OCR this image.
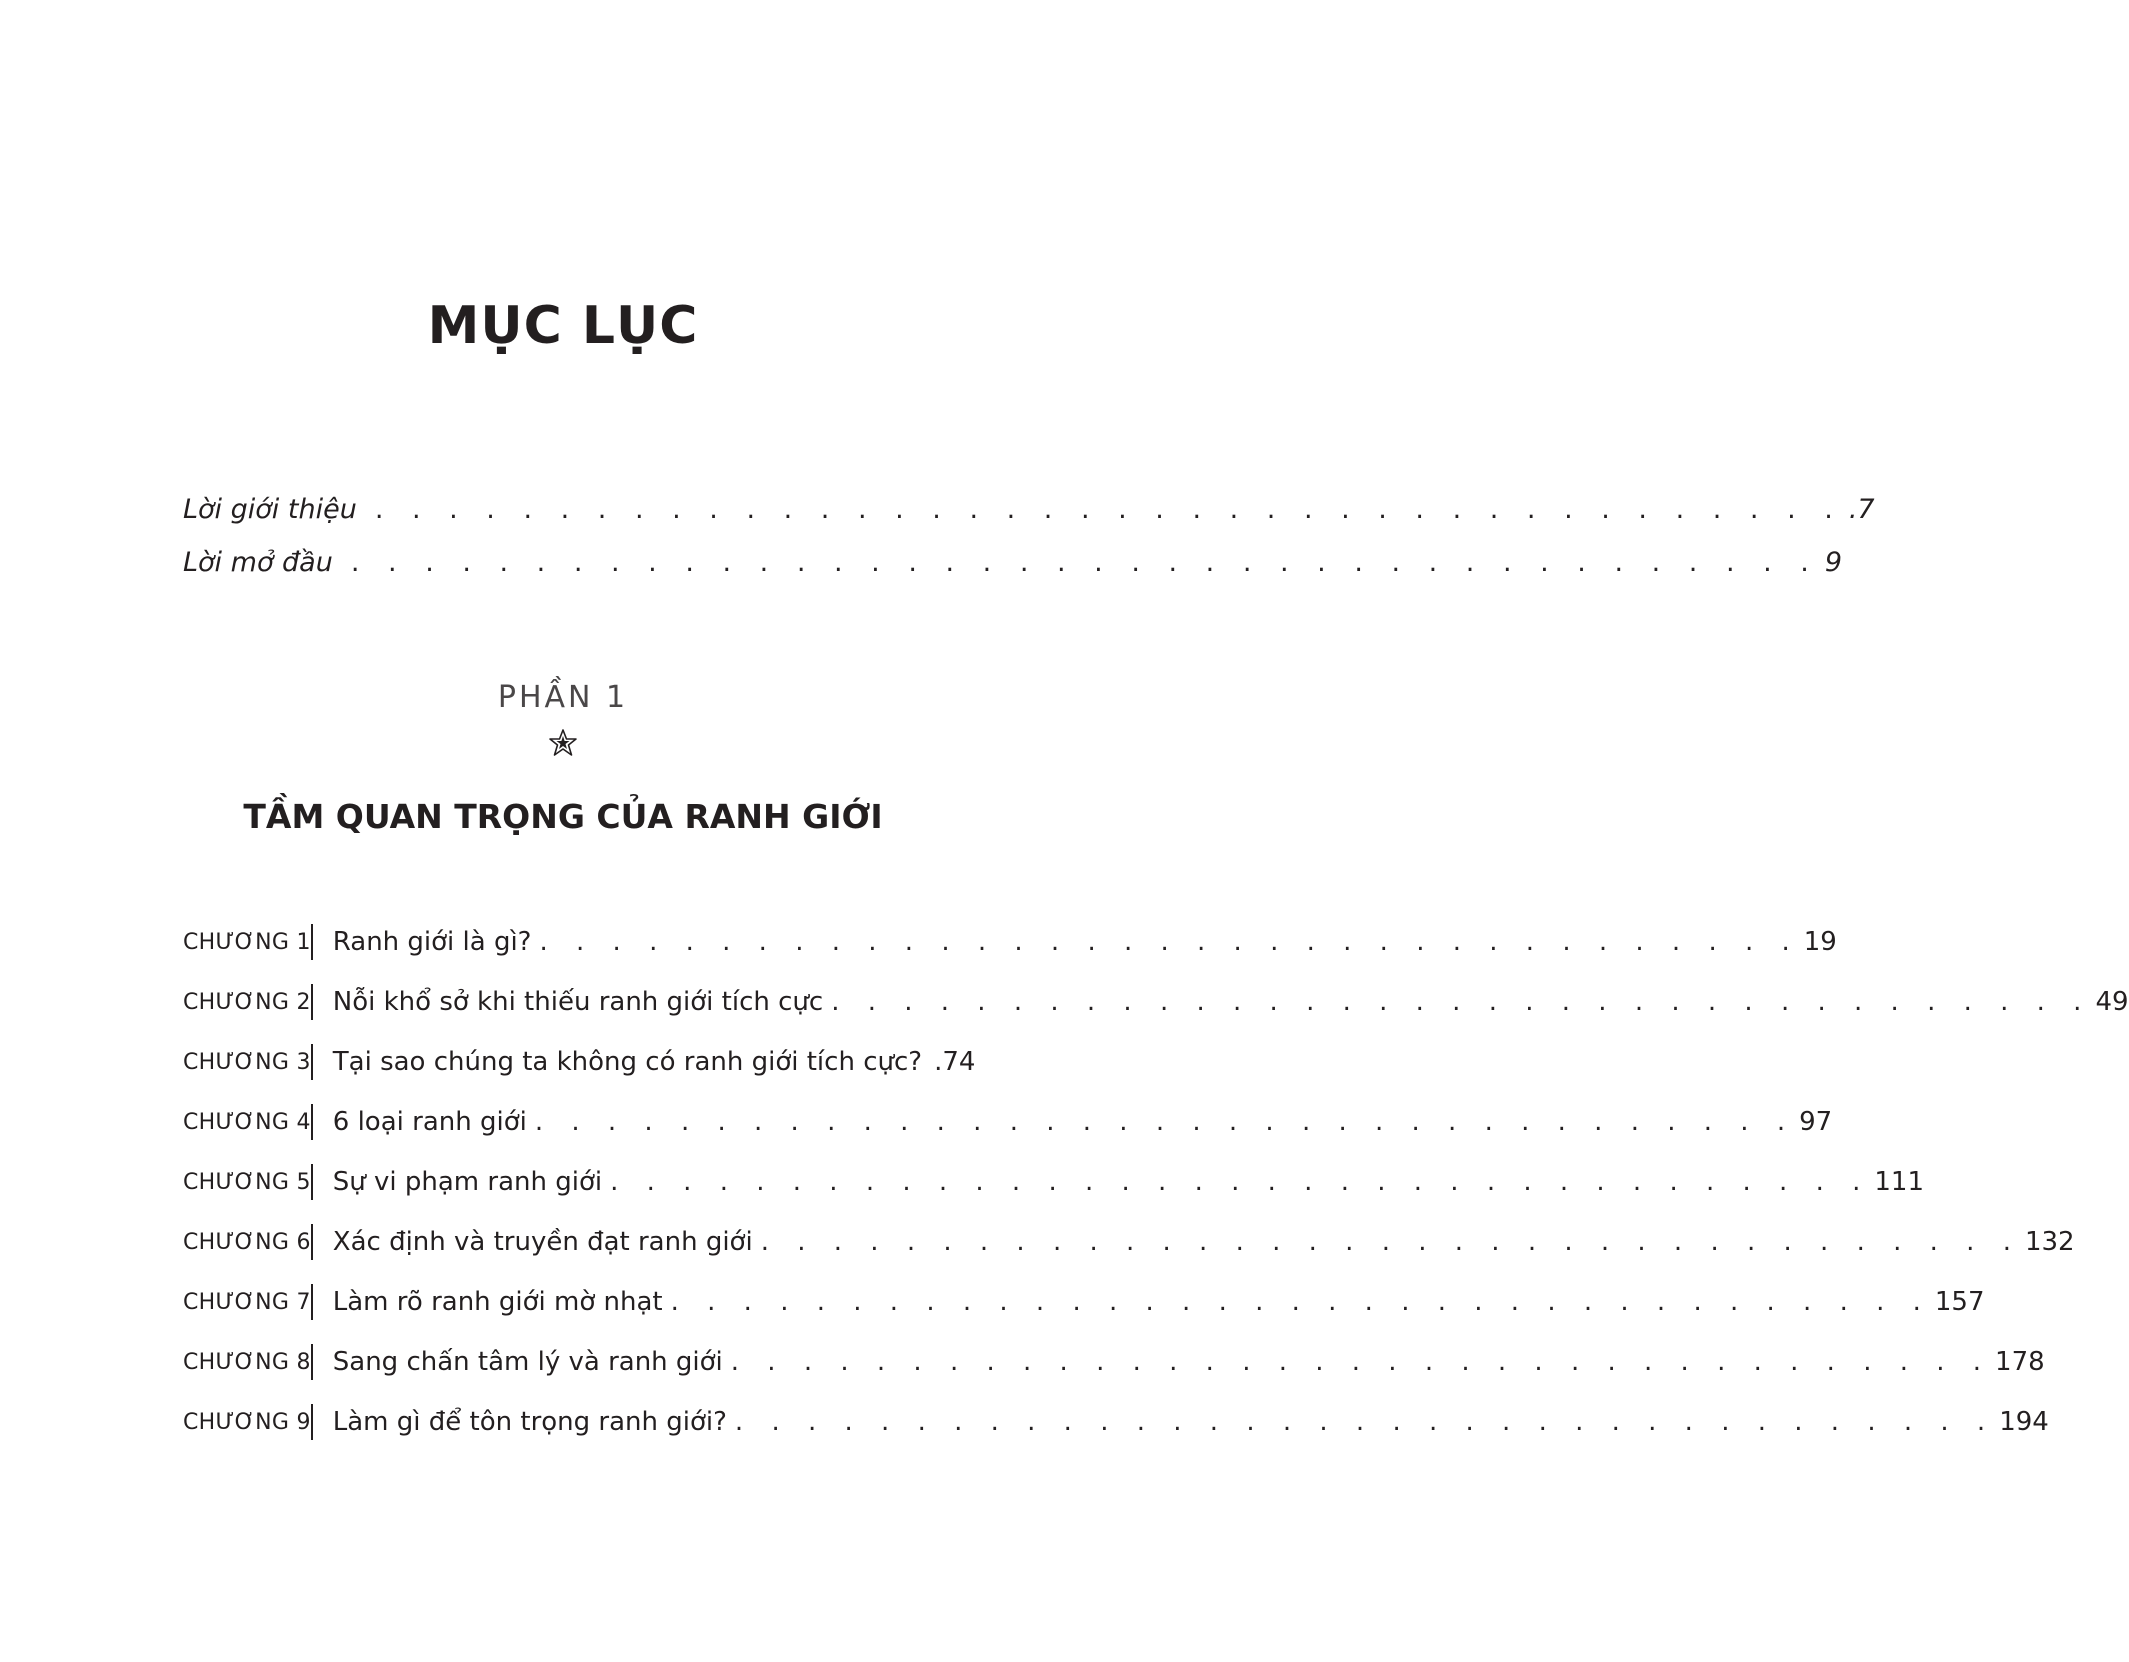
MỤC LỤC
Lời giới thiệu . . . . . . . . . . . . . . . . . . . . . . . . . . . . . . . . . . . . . . . . .7
Lời mở đầu . . . . . . . . . . . . . . . . . . . . . . . . . . . . . . . . . . . . . . . . 9
PHẦN 1
TẦM QUAN TRỌNG CỦA RANH GIỚI
CHƯƠNG 1 Ranh giới là gì? . . . . . . . . . . . . . . . . . . . . . . . . . . . . . . . . . . . 19
CHƯƠNG 2 Nỗi khổ sở khi thiếu ranh giới tích cực . . . . . . . . . . . . . . . . . . . . . . . . . . . . . . . . . . . 49
CHƯƠNG 3 Tại sao chúng ta không có ranh giới tích cực? .74
CHƯƠNG 4 6 loại ranh giới . . . . . . . . . . . . . . . . . . . . . . . . . . . . . . . . . . . 97
CHƯƠNG 5 Sự vi phạm ranh giới . . . . . . . . . . . . . . . . . . . . . . . . . . . . . . . . . . . 111
CHƯƠNG 6 Xác định và truyền đạt ranh giới . . . . . . . . . . . . . . . . . . . . . . . . . . . . . . . . . . . 132
CHƯƠNG 7 Làm rõ ranh giới mờ nhạt . . . . . . . . . . . . . . . . . . . . . . . . . . . . . . . . . . . 157
CHƯƠNG 8 Sang chấn tâm lý và ranh giới . . . . . . . . . . . . . . . . . . . . . . . . . . . . . . . . . . . 178
CHƯƠNG 9 Làm gì để tôn trọng ranh giới? . . . . . . . . . . . . . . . . . . . . . . . . . . . . . . . . . . . 194
